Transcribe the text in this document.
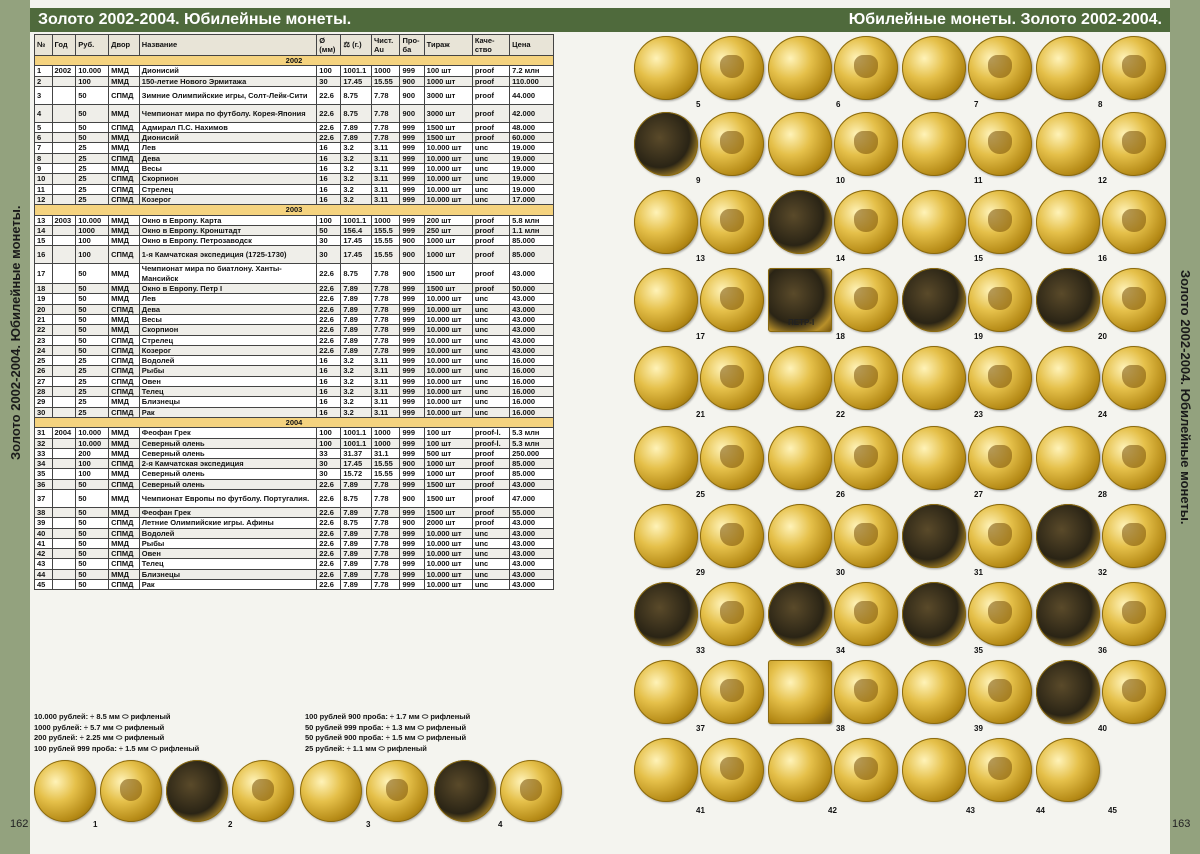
Золото 2002-2004. Юбилейные монеты.	Юбилейные монеты. Золото 2002-2004.
Золото 2002-2004. Юбилейные монеты.	Золото 2002-2004. Юбилейные монеты.
162	163
№	Год	Руб.	Двор	Название	Ø (мм)	⚖ (г.)	Чист. Au	Про-ба	Тираж	Каче-ство	Цена
2002											
1	2002	10.000	ММД	Дионисий	100	1001.1	1000	999	100 шт	proof	7.2 млн
2		100	ММД	150-летие Нового Эрмитажа	30	17.45	15.55	900	1000 шт	proof	110.000
3		50	СПМД	Зимние Олимпийские игры, Солт-Лейк-Сити	22.6	8.75	7.78	900	3000 шт	proof	44.000
4		50	ММД	Чемпионат мира по футболу. Корея-Япония	22.6	8.75	7.78	900	3000 шт	proof	42.000
5		50	СПМД	Адмирал П.С. Нахимов	22.6	7.89	7.78	999	1500 шт	proof	48.000
6		50	ММД	Дионисий	22.6	7.89	7.78	999	1500 шт	proof	60.000
7		25	ММД	Лев	16	3.2	3.11	999	10.000 шт	unc	19.000
8		25	СПМД	Дева	16	3.2	3.11	999	10.000 шт	unc	19.000
9		25	ММД	Весы	16	3.2	3.11	999	10.000 шт	unc	19.000
10		25	СПМД	Скорпион	16	3.2	3.11	999	10.000 шт	unc	19.000
11		25	СПМД	Стрелец	16	3.2	3.11	999	10.000 шт	unc	19.000
12		25	СПМД	Козерог	16	3.2	3.11	999	10.000 шт	unc	17.000
2003											
13	2003	10.000	ММД	Окно в Европу. Карта	100	1001.1	1000	999	200 шт	proof	5.8 млн
14		1000	ММД	Окно в Европу. Кронштадт	50	156.4	155.5	999	250 шт	proof	1.1 млн
15		100	ММД	Окно в Европу. Петрозаводск	30	17.45	15.55	900	1000 шт	proof	85.000
16		100	СПМД	1-я Камчатская экспедиция (1725-1730)	30	17.45	15.55	900	1000 шт	proof	85.000
17		50	ММД	Чемпионат мира по биатлону. Ханты-Мансийск	22.6	8.75	7.78	900	1500 шт	proof	43.000
18		50	ММД	Окно в Европу. Петр I	22.6	7.89	7.78	999	1500 шт	proof	50.000
19		50	ММД	Лев	22.6	7.89	7.78	999	10.000 шт	unc	43.000
20		50	СПМД	Дева	22.6	7.89	7.78	999	10.000 шт	unc	43.000
21		50	ММД	Весы	22.6	7.89	7.78	999	10.000 шт	unc	43.000
22		50	ММД	Скорпион	22.6	7.89	7.78	999	10.000 шт	unc	43.000
23		50	СПМД	Стрелец	22.6	7.89	7.78	999	10.000 шт	unc	43.000
24		50	СПМД	Козерог	22.6	7.89	7.78	999	10.000 шт	unc	43.000
25		25	СПМД	Водолей	16	3.2	3.11	999	10.000 шт	unc	16.000
26		25	СПМД	Рыбы	16	3.2	3.11	999	10.000 шт	unc	16.000
27		25	СПМД	Овен	16	3.2	3.11	999	10.000 шт	unc	16.000
28		25	СПМД	Телец	16	3.2	3.11	999	10.000 шт	unc	16.000
29		25	ММД	Близнецы	16	3.2	3.11	999	10.000 шт	unc	16.000
30		25	СПМД	Рак	16	3.2	3.11	999	10.000 шт	unc	16.000
2004											
31	2004	10.000	ММД	Феофан Грек	100	1001.1	1000	999	100 шт	proof-l.	5.3 млн
32		10.000	ММД	Северный олень	100	1001.1	1000	999	100 шт	proof-l.	5.3 млн
33		200	ММД	Северный олень	33	31.37	31.1	999	500 шт	proof	250.000
34		100	СПМД	2-я Камчатская экспедиция	30	17.45	15.55	900	1000 шт	proof	85.000
35		100	ММД	Северный олень	30	15.72	15.55	999	1000 шт	proof	85.000
36		50	СПМД	Северный олень	22.6	7.89	7.78	999	1500 шт	proof	43.000
37		50	ММД	Чемпионат Европы по футболу. Португалия.	22.6	8.75	7.78	900	1500 шт	proof	47.000
38		50	ММД	Феофан Грек	22.6	7.89	7.78	999	1500 шт	proof	55.000
39		50	СПМД	Летние Олимпийские игры. Афины	22.6	8.75	7.78	900	2000 шт	proof	43.000
40		50	СПМД	Водолей	22.6	7.89	7.78	999	10.000 шт	unc	43.000
41		50	ММД	Рыбы	22.6	7.89	7.78	999	10.000 шт	unc	43.000
42		50	СПМД	Овен	22.6	7.89	7.78	999	10.000 шт	unc	43.000
43		50	СПМД	Телец	22.6	7.89	7.78	999	10.000 шт	unc	43.000
44		50	ММД	Близнецы	22.6	7.89	7.78	999	10.000 шт	unc	43.000
45		50	СПМД	Рак	22.6	7.89	7.78	999	10.000 шт	unc	43.000
10.000 рублей: ÷ 8.5 мм ⬭ рифленый
1000 рублей: ÷ 5.7 мм ⬭ рифленый
200 рублей: ÷ 2.25 мм ⬭ рифленый
100 рублей 999 проба: ÷ 1.5 мм ⬭ рифленый
100 рублей 900 проба: ÷ 1.7 мм ⬭ рифленый
50 рублей 999 проба: ÷ 1.3 мм ⬭ рифленый
50 рублей 900 проба: ÷ 1.5 мм ⬭ рифленый
25 рублей: ÷ 1.1 мм ⬭ рифленый
1	2	3	4
ПЕТР-I
5	6	7	8
9	10	11	12
13	14	15	16
17	18	19	20
21	22	23	24
25	26	27	28
29	30	31	32
33	34	35	36
37	38	39	40
41	42	43	44	45
